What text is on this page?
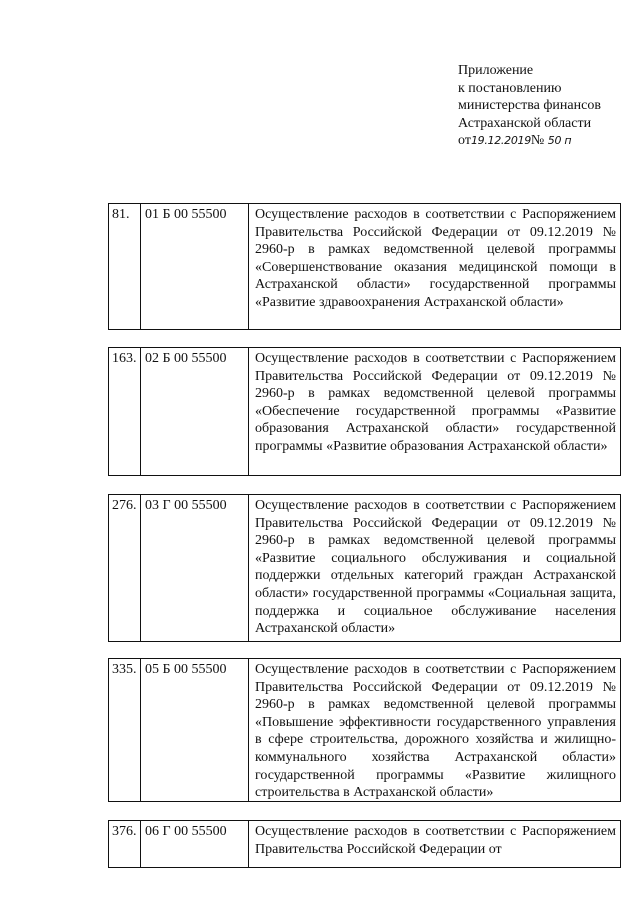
Приложение
к постановлению
министерства финансов
Астраханской области
от19.12.2019№ 50 п
81.	01 Б 00 55500	Осуществление расходов в соответствии с Распоряжением Правительства Российской Федерации от 09.12.2019 № 2960-р в рамках ведомственной целевой программы «Совершенствование оказания медицинской помощи в Астраханской области» государственной программы «Развитие здравоохранения Астраханской области»
163. 02 Б 00 55500	Осуществление расходов в соответствии с Распоряжением Правительства Российской Федерации от 09.12.2019 № 2960-р в рамках ведомственной целевой программы «Обеспечение государственной программы «Развитие образования Астраханской области» государственной программы «Развитие образования Астраханской области»
276. 03 Г 00 55500	Осуществление расходов в соответствии с Распоряжением Правительства Российской Федерации от 09.12.2019 № 2960-р в рамках ведомственной целевой программы «Развитие социального обслуживания и социальной поддержки отдельных категорий граждан Астраханской области» государственной программы «Социальная защита, поддержка и социальное обслуживание населения Астраханской области»
335. 05 Б 00 55500	Осуществление расходов в соответствии с Распоряжением Правительства Российской Федерации от 09.12.2019 № 2960-р в рамках ведомственной целевой программы «Повышение эффективности государственного управления в сфере строительства, дорожного хозяйства и жилищно-коммунального хозяйства Астраханской области» государственной программы «Развитие жилищного строительства в Астраханской области»
376. 06 Г 00 55500	Осуществление расходов в соответствии с Распоряжением Правительства Российской Федерации от
